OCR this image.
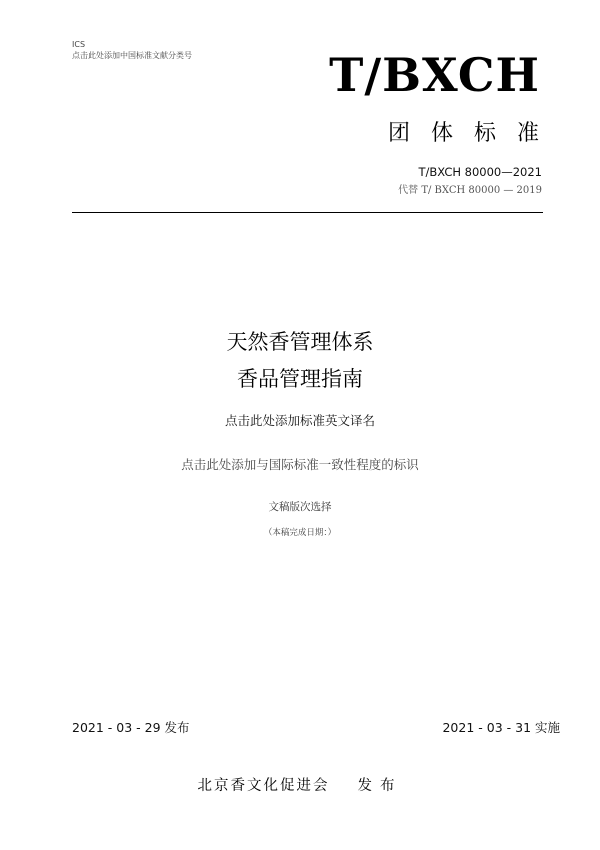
ICS
点击此处添加中国标准文献分类号	T/BXCH
团体标准
T/BXCH 80000—2021
代替 T/ BXCH 80000 — 2019
天然香管理体系
香品管理指南
点击此处添加标准英文译名
点击此处添加与国际标准一致性程度的标识
文稿版次选择
（本稿完成日期：）
2021 - 03 - 29 发布	2021 - 03 - 31 实施
北京香文化促进会 发布
